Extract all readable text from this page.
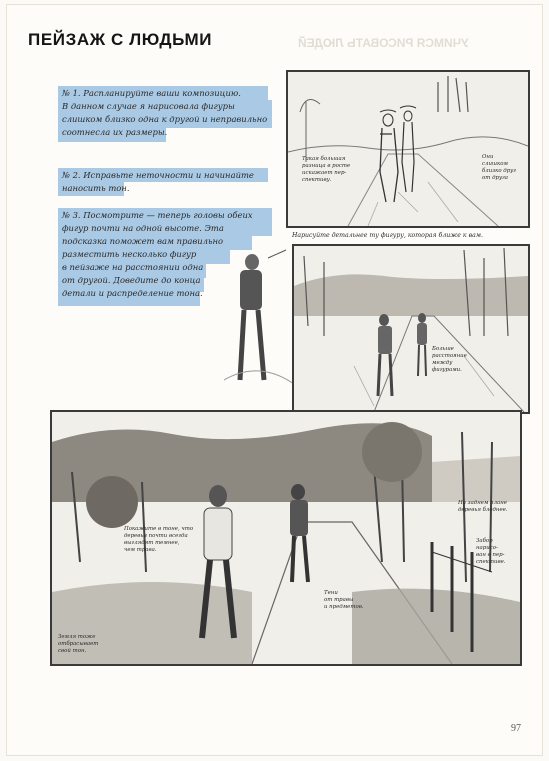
УЧИМСЯ РИСОВАТЬ ЛЮДЕЙ
ПЕЙЗАЖ С ЛЮДЬМИ
№ 1. Распланируйте ваши композицию.
В данном случае я нарисовала фигуры
слишком близко одна к другой и неправильно
соотнесла их размеры.
№ 2. Исправьте неточности и начинайте
наносить тон.
№ 3. Посмотрите — теперь головы обеих
фигур почти на одной высоте. Эта
подсказка поможет вам правильно
разместить несколько фигур
в пейзаже на расстоянии одна
от другой. Доведите до конца
детали и распределение тона.
Такая большая
разница в росте
искажает пер-
спективу.
Они
слишком
близко друг
от друга
Нарисуйте детальнее ту фигуру, которая ближе к вам.
Больше
расстояние
между
фигурами.
Покажите в тоне, что
деревья почти всегда
выглядят темнее,
чем трава.
На заднем плане
деревья бледнее.
Забор
нарисо-
ван в пер-
спективе.
Тени
от травы
и предметов.
Земля тоже
отбрасывает
свой тон.
97
